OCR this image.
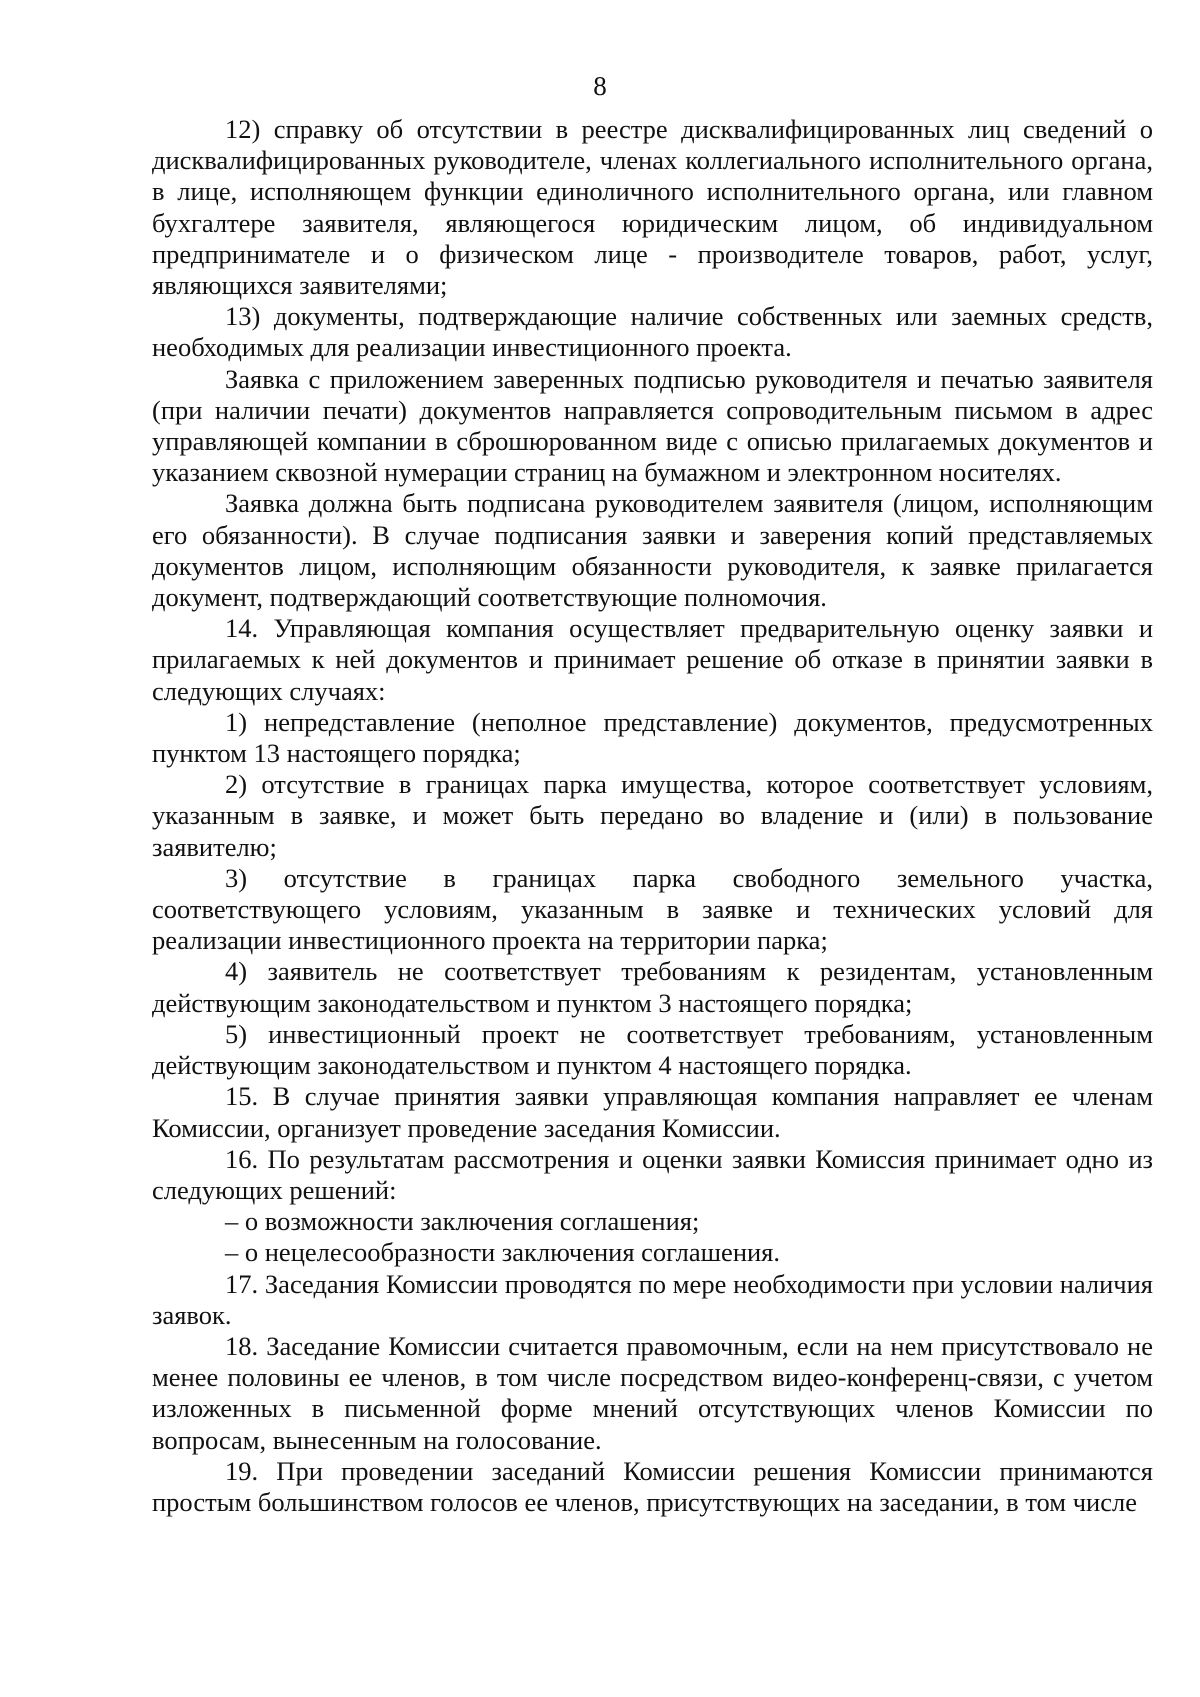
8

12) справку об отсутствии в реестре дисквалифицированных лиц сведений о дисквалифицированных руководителе, членах коллегиального исполнительного органа, в лице, исполняющем функции единоличного исполнительного органа, или главном бухгалтере заявителя, являющегося юридическим лицом, об индивидуальном предпринимателе и о физическом лице - производителе товаров, работ, услуг, являющихся заявителями;

13) документы, подтверждающие наличие собственных или заемных средств, необходимых для реализации инвестиционного проекта.

Заявка с приложением заверенных подписью руководителя и печатью заявителя (при наличии печати) документов направляется сопроводительным письмом в адрес управляющей компании в сброшюрованном виде с описью прилагаемых документов и указанием сквозной нумерации страниц на бумажном и электронном носителях.

Заявка должна быть подписана руководителем заявителя (лицом, исполняющим его обязанности). В случае подписания заявки и заверения копий представляемых документов лицом, исполняющим обязанности руководителя, к заявке прилагается документ, подтверждающий соответствующие полномочия.

14. Управляющая компания осуществляет предварительную оценку заявки и прилагаемых к ней документов и принимает решение об отказе в принятии заявки в следующих случаях:

1) непредставление (неполное представление) документов, предусмотренных пунктом 13 настоящего порядка;

2) отсутствие в границах парка имущества, которое соответствует условиям, указанным в заявке, и может быть передано во владение и (или) в пользование заявителю;

3) отсутствие в границах парка свободного земельного участка, соответствующего условиям, указанным в заявке и технических условий для реализации инвестиционного проекта на территории парка;

4) заявитель не соответствует требованиям к резидентам, установленным действующим законодательством и пунктом 3 настоящего порядка;

5) инвестиционный проект не соответствует требованиям, установленным действующим законодательством и пунктом 4 настоящего порядка.

15. В случае принятия заявки управляющая компания направляет ее членам Комиссии, организует проведение заседания Комиссии.

16. По результатам рассмотрения и оценки заявки Комиссия принимает одно из следующих решений:

– о возможности заключения соглашения;

– о нецелесообразности заключения соглашения.

17. Заседания Комиссии проводятся по мере необходимости при условии наличия заявок.

18. Заседание Комиссии считается правомочным, если на нем присутствовало не менее половины ее членов, в том числе посредством видео-конференц-связи, с учетом изложенных в письменной форме мнений отсутствующих членов Комиссии по вопросам, вынесенным на голосование.

19. При проведении заседаний Комиссии решения Комиссии принимаются простым большинством голосов ее членов, присутствующих на заседании, в том числе
